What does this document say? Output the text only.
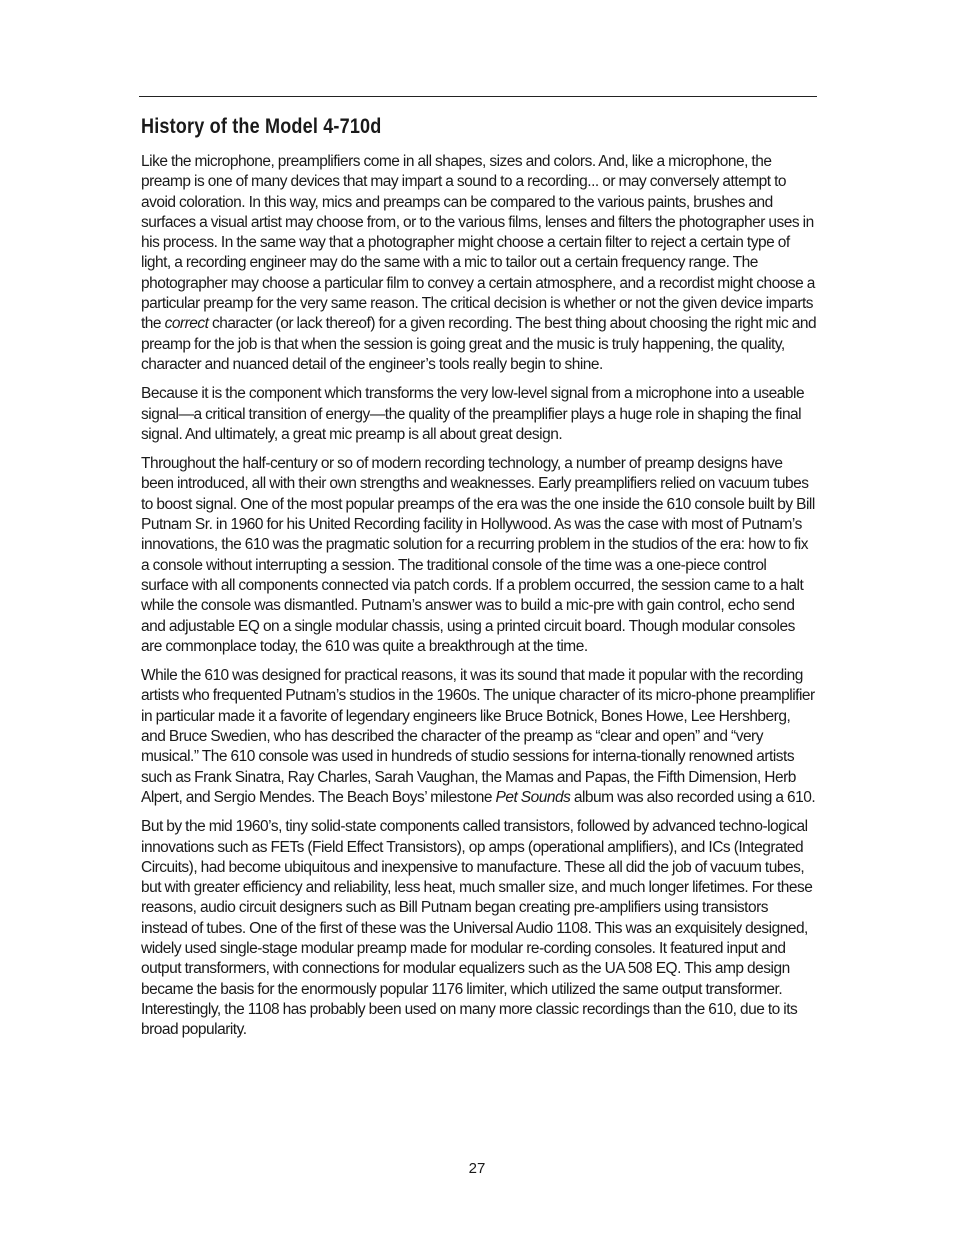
History of the Model 4-710d

Like the microphone, preamplifiers come in all shapes, sizes and colors. And, like a microphone, the preamp is one of many devices that may impart a sound to a recording... or may conversely attempt to avoid coloration. In this way, mics and preamps can be compared to the various paints, brushes and surfaces a visual artist may choose from, or to the various films, lenses and filters the photographer uses in his process. In the same way that a photographer might choose a certain filter to reject a certain type of light, a recording engineer may do the same with a mic to tailor out a certain frequency range. The photographer may choose a particular film to convey a certain atmosphere, and a recordist might choose a particular preamp for the very same reason. The critical decision is whether or not the given device imparts the correct character (or lack thereof) for a given recording. The best thing about choosing the right mic and preamp for the job is that when the session is going great and the music is truly happening, the quality, character and nuanced detail of the engineer’s tools really begin to shine.

Because it is the component which transforms the very low-level signal from a microphone into a useable signal—a critical transition of energy—the quality of the preamplifier plays a huge role in shaping the final signal. And ultimately, a great mic preamp is all about great design.

Throughout the half-century or so of modern recording technology, a number of preamp designs have been introduced, all with their own strengths and weaknesses. Early preamplifiers relied on vacuum tubes to boost signal. One of the most popular preamps of the era was the one inside the 610 console built by Bill Putnam Sr. in 1960 for his United Recording facility in Hollywood. As was the case with most of Putnam’s innovations, the 610 was the pragmatic solution for a recurring problem in the studios of the era: how to fix a console without interrupting a session. The traditional console of the time was a one-piece control surface with all components connected via patch cords. If a problem occurred, the session came to a halt while the console was dismantled. Putnam’s answer was to build a mic-pre with gain control, echo send and adjustable EQ on a single modular chassis, using a printed circuit board. Though modular consoles are commonplace today, the 610 was quite a breakthrough at the time.

While the 610 was designed for practical reasons, it was its sound that made it popular with the recording artists who frequented Putnam’s studios in the 1960s. The unique character of its micro-phone preamplifier in particular made it a favorite of legendary engineers like Bruce Botnick, Bones Howe, Lee Hershberg, and Bruce Swedien, who has described the character of the preamp as “clear and open” and “very musical.” The 610 console was used in hundreds of studio sessions for interna-tionally renowned artists such as Frank Sinatra, Ray Charles, Sarah Vaughan, the Mamas and Papas, the Fifth Dimension, Herb Alpert, and Sergio Mendes. The Beach Boys’ milestone Pet Sounds album was also recorded using a 610.

But by the mid 1960’s, tiny solid-state components called transistors, followed by advanced techno-logical innovations such as FETs (Field Effect Transistors), op amps (operational amplifiers), and ICs (Integrated Circuits), had become ubiquitous and inexpensive to manufacture. These all did the job of vacuum tubes, but with greater efficiency and reliability, less heat, much smaller size, and much longer lifetimes. For these reasons, audio circuit designers such as Bill Putnam began creating pre-amplifiers using transistors instead of tubes. One of the first of these was the Universal Audio 1108. This was an exquisitely designed, widely used single-stage modular preamp made for modular re-cording consoles. It featured input and output transformers, with connections for modular equalizers such as the UA 508 EQ. This amp design became the basis for the enormously popular 1176 limiter, which utilized the same output transformer. Interestingly, the 1108 has probably been used on many more classic recordings than the 610, due to its broad popularity.

27
